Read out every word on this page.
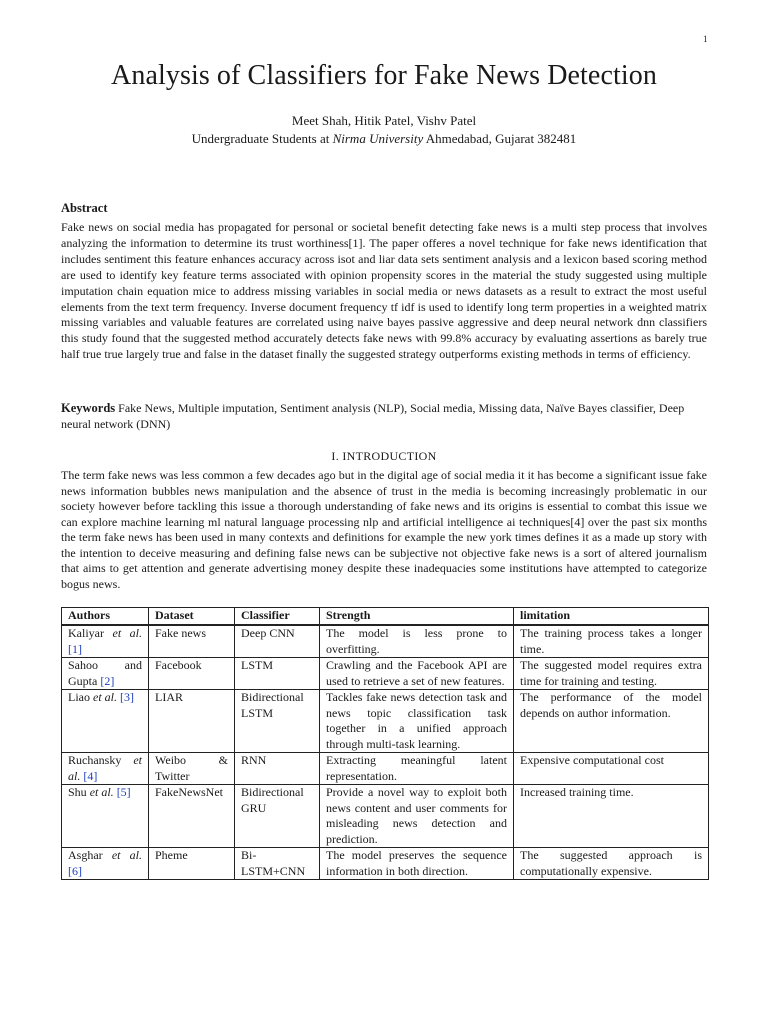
1
Analysis of Classifiers for Fake News Detection
Meet Shah, Hitik Patel, Vishv Patel
Undergraduate Students at Nirma University Ahmedabad, Gujarat 382481
Abstract
Fake news on social media has propagated for personal or societal benefit detecting fake news is a multi step process that involves analyzing the information to determine its trust worthiness[1]. The paper offeres a novel technique for fake news identification that includes sentiment this feature enhances accuracy across isot and liar data sets sentiment analysis and a lexicon based scoring method are used to identify key feature terms associated with opinion propensity scores in the material the study suggested using multiple imputation chain equation mice to address missing variables in social media or news datasets as a result to extract the most useful elements from the text term frequency. Inverse document frequency tf idf is used to identify long term properties in a weighted matrix missing variables and valuable features are correlated using naive bayes passive aggressive and deep neural network dnn classifiers this study found that the suggested method accurately detects fake news with 99.8% accuracy by evaluating assertions as barely true half true true largely true and false in the dataset finally the suggested strategy outperforms existing methods in terms of efficiency.
Keywords Fake News, Multiple imputation, Sentiment analysis (NLP), Social media, Missing data, Naïve Bayes classifier, Deep neural network (DNN)
I. INTRODUCTION
The term fake news was less common a few decades ago but in the digital age of social media it it has become a significant issue fake news information bubbles news manipulation and the absence of trust in the media is becoming increasingly problematic in our society however before tackling this issue a thorough understanding of fake news and its origins is essential to combat this issue we can explore machine learning ml natural language processing nlp and artificial intelligence ai techniques[4] over the past six months the term fake news has been used in many contexts and definitions for example the new york times defines it as a made up story with the intention to deceive measuring and defining false news can be subjective not objective fake news is a sort of altered journalism that aims to get attention and generate advertising money despite these inadequacies some institutions have attempted to categorize bogus news.
Authors	Dataset	Classifier	Strength	limitation
Kaliyar et al. [1]	Fake news	Deep CNN	The model is less prone to overfitting.	The training process takes a longer time.
Sahoo and Gupta [2]	Facebook	LSTM	Crawling and the Facebook API are used to retrieve a set of new features.	The suggested model requires extra time for training and testing.
Liao et al. [3]	LIAR	Bidirectional LSTM	Tackles fake news detection task and news topic classification task together in a unified approach through multi-task learning.	The performance of the model depends on author information.
Ruchansky et al. [4]	Weibo & Twitter	RNN	Extracting meaningful latent representation.	Expensive computational cost
Shu et al. [5]	FakeNewsNet	Bidirectional GRU	Provide a novel way to exploit both news content and user comments for misleading news detection and prediction.	Increased training time.
Asghar et al. [6]	Pheme	Bi-LSTM+CNN	The model preserves the sequence information in both direction.	The suggested approach is computationally expensive.
